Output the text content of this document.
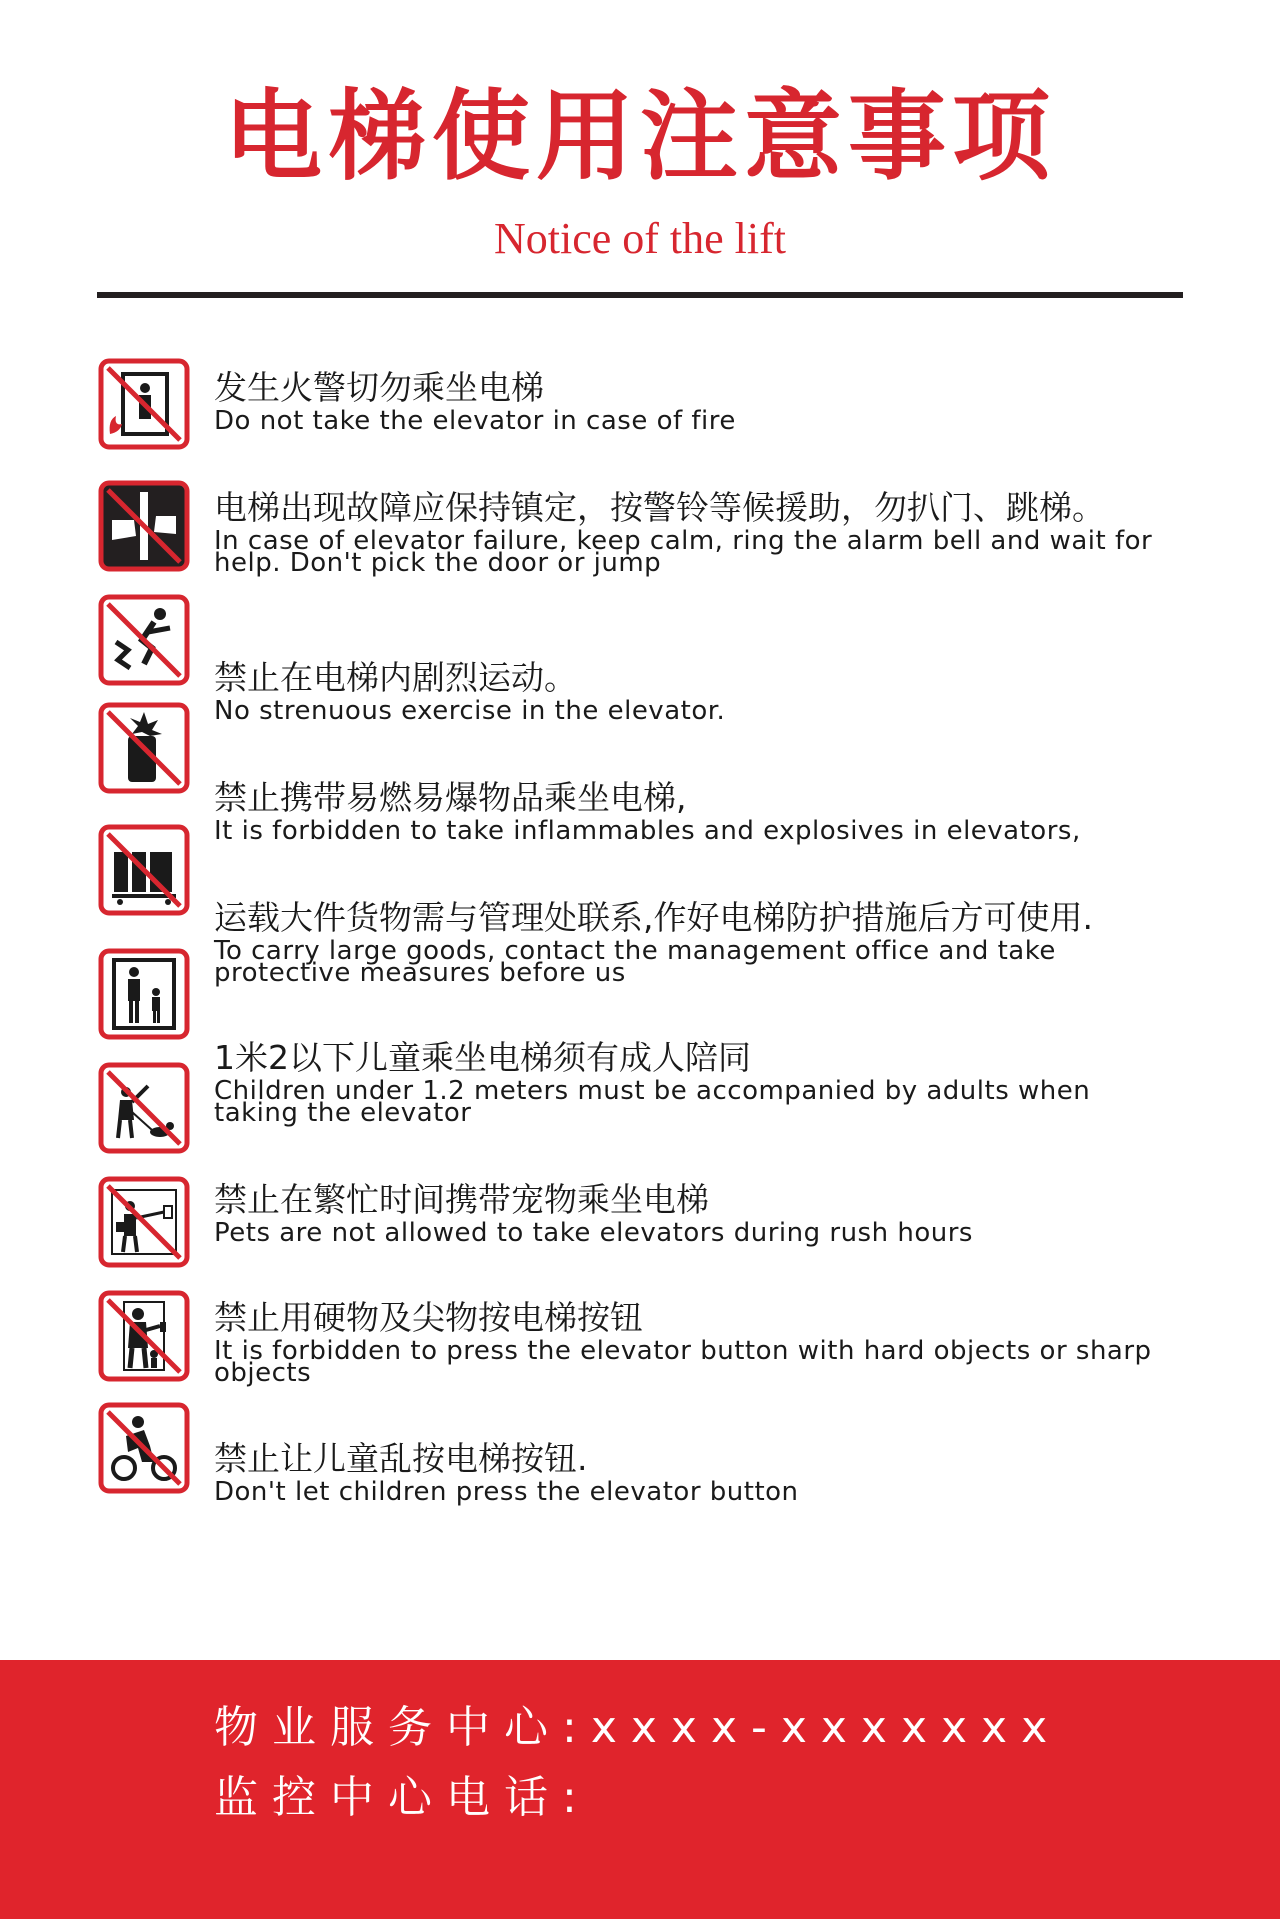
电梯使用注意事项
Notice of the lift
发生火警切勿乘坐电梯
Do not take the elevator in case of fire
电梯出现故障应保持镇定，按警铃等候援助，勿扒门、跳梯。
In case of elevator failure, keep calm, ring the alarm bell and wait for help. Don't pick the door or jump
禁止在电梯内剧烈运动。
No strenuous exercise in the elevator.
禁止携带易燃易爆物品乘坐电梯,
It is forbidden to take inflammables and explosives in elevators,
运载大件货物需与管理处联系,作好电梯防护措施后方可使用.
To carry large goods, contact the management office and take protective measures before us
1米2以下儿童乘坐电梯须有成人陪同
Children under 1.2 meters must be accompanied by adults when taking the elevator
禁止在繁忙时间携带宠物乘坐电梯
Pets are not allowed to take elevators during rush hours
禁止用硬物及尖物按电梯按钮
It is forbidden to press the elevator button with hard objects or sharp objects
禁止让儿童乱按电梯按钮.
Don't let children press the elevator button
物业服务中心:xxxx-xxxxxxx
监控中心电话:
